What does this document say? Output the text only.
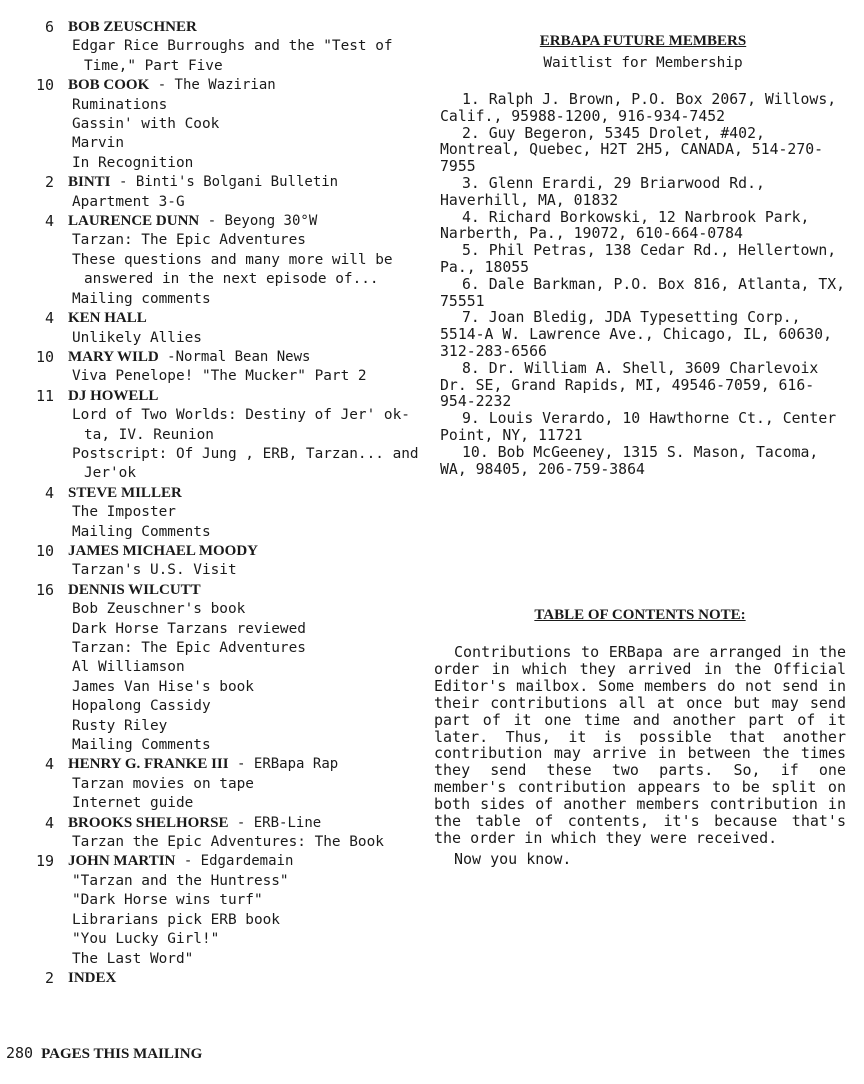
6 BOB ZEUSCHNER
Edgar Rice Burroughs and the "Test of Time," Part Five
10 BOB COOK - The Wazirian
Ruminations
Gassin' with Cook
Marvin
In Recognition
2 BINTI - Binti's Bolgani Bulletin
Apartment 3-G
4 LAURENCE DUNN - Beyong 30°W
Tarzan: The Epic Adventures
These questions and many more will be answered in the next episode of...
Mailing comments
4 KEN HALL
Unlikely Allies
10 MARY WILD -Normal Bean News
Viva Penelope! "The Mucker" Part 2
11 DJ HOWELL
Lord of Two Worlds: Destiny of Jer' ok-ta, IV. Reunion
Postscript: Of Jung , ERB, Tarzan... and Jer'ok
4 STEVE MILLER
The Imposter
Mailing Comments
10 JAMES MICHAEL MOODY
Tarzan's U.S. Visit
16 DENNIS WILCUTT
Bob Zeuschner's book
Dark Horse Tarzans reviewed
Tarzan: The Epic Adventures
Al Williamson
James Van Hise's book
Hopalong Cassidy
Rusty Riley
Mailing Comments
4 HENRY G. FRANKE III - ERBapa Rap
Tarzan movies on tape
Internet guide
4 BROOKS SHELHORSE - ERB-Line
Tarzan the Epic Adventures: The Book
19 JOHN MARTIN - Edgardemain
"Tarzan and the Huntress"
"Dark Horse wins turf"
Librarians pick ERB book
"You Lucky Girl!"
The Last Word"
2 INDEX
280 PAGES THIS MAILING
ERBAPA FUTURE MEMBERS
Waitlist for Membership
1. Ralph J. Brown, P.O. Box 2067, Willows, Calif., 95988-1200, 916-934-7452
2. Guy Begeron, 5345 Drolet, #402, Montreal, Quebec, H2T 2H5, CANADA, 514-270-7955
3. Glenn Erardi, 29 Briarwood Rd., Haverhill, MA, 01832
4. Richard Borkowski, 12 Narbrook Park, Narberth, Pa., 19072, 610-664-0784
5. Phil Petras, 138 Cedar Rd., Hellertown, Pa., 18055
6. Dale Barkman, P.O. Box 816, Atlanta, TX, 75551
7. Joan Bledig, JDA Typesetting Corp., 5514-A W. Lawrence Ave., Chicago, IL, 60630, 312-283-6566
8. Dr. William A. Shell, 3609 Charlevoix Dr. SE, Grand Rapids, MI, 49546-7059, 616-954-2232
9. Louis Verardo, 10 Hawthorne Ct., Center Point, NY, 11721
10. Bob McGeeney, 1315 S. Mason, Tacoma, WA, 98405, 206-759-3864
TABLE OF CONTENTS NOTE:
Contributions to ERBapa are arranged in the order in which they arrived in the Official Editor's mailbox. Some members do not send in their contributions all at once but may send part of it one time and another part of it later. Thus, it is possible that another contribution may arrive in between the times they send these two parts. So, if one member's contribution appears to be split on both sides of another members contribution in the table of contents, it's because that's the order in which they were received.
Now you know.
